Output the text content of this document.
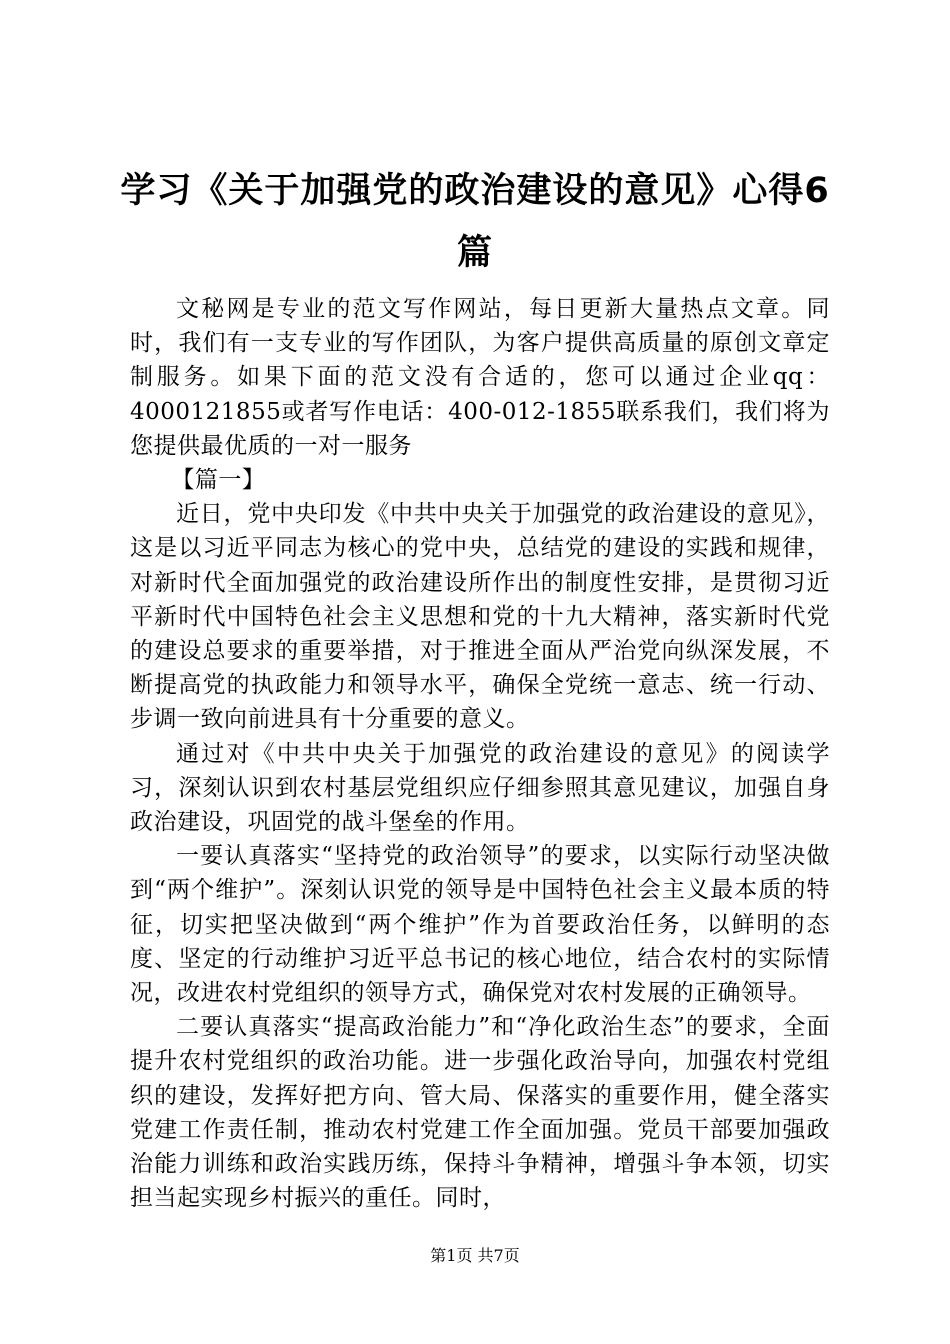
学习《关于加强党的政治建设的意见》心得6篇

文秘网是专业的范文写作网站，每日更新大量热点文章。同时，我们有一支专业的写作团队，为客户提供高质量的原创文章定制服务。如果下面的范文没有合适的，您可以通过企业qq：4000121855或者写作电话：400-012-1855联系我们，我们将为您提供最优质的一对一服务

【篇一】

近日，党中央印发《中共中央关于加强党的政治建设的意见》，这是以习近平同志为核心的党中央，总结党的建设的实践和规律，对新时代全面加强党的政治建设所作出的制度性安排，是贯彻习近平新时代中国特色社会主义思想和党的十九大精神，落实新时代党的建设总要求的重要举措，对于推进全面从严治党向纵深发展，不断提高党的执政能力和领导水平，确保全党统一意志、统一行动、步调一致向前进具有十分重要的意义。

通过对《中共中央关于加强党的政治建设的意见》的阅读学习，深刻认识到农村基层党组织应仔细参照其意见建议，加强自身政治建设，巩固党的战斗堡垒的作用。

一要认真落实“坚持党的政治领导”的要求，以实际行动坚决做到“两个维护”。深刻认识党的领导是中国特色社会主义最本质的特征，切实把坚决做到“两个维护”作为首要政治任务，以鲜明的态度、坚定的行动维护习近平总书记的核心地位，结合农村的实际情况，改进农村党组织的领导方式，确保党对农村发展的正确领导。

二要认真落实“提高政治能力”和“净化政治生态”的要求，全面提升农村党组织的政治功能。进一步强化政治导向，加强农村党组织的建设，发挥好把方向、管大局、保落实的重要作用，健全落实党建工作责任制，推动农村党建工作全面加强。党员干部要加强政治能力训练和政治实践历练，保持斗争精神，增强斗争本领，切实担当起实现乡村振兴的重任。同时，

第1页 共7页
